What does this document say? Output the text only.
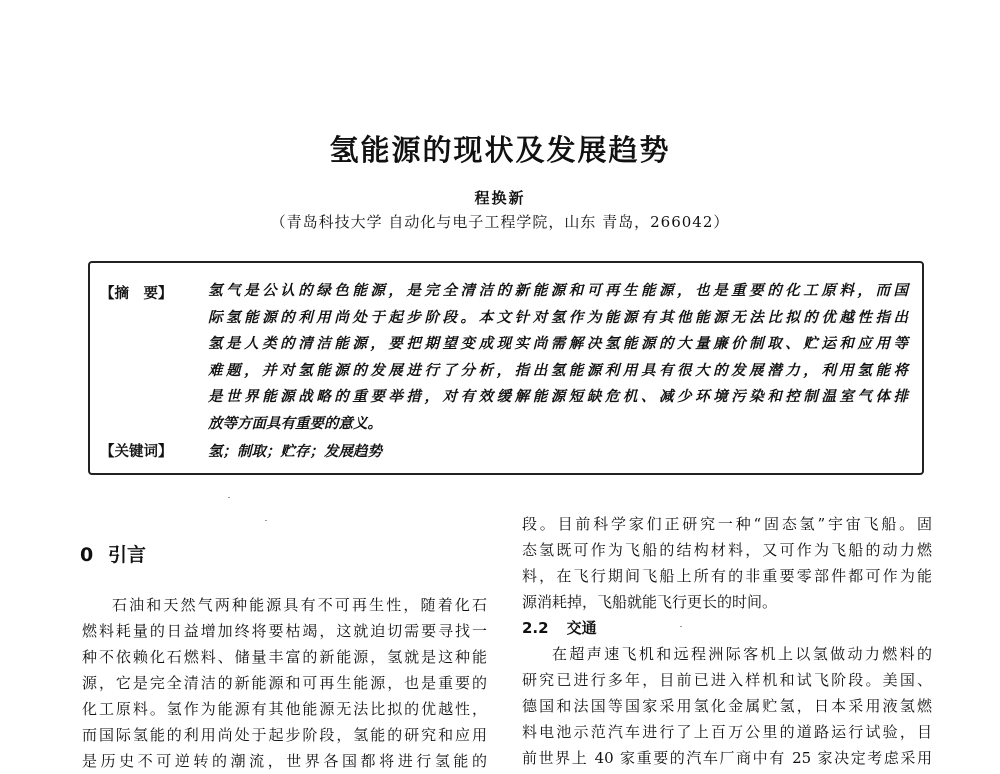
氢能源的现状及发展趋势
程换新
（青岛科技大学 自动化与电子工程学院，山东 青岛，266042）
【摘　要】 氢气是公认的绿色能源，是完全清洁的新能源和可再生能源，也是重要的化工原料，而国
际氢能源的利用尚处于起步阶段。本文针对氢作为能源有其他能源无法比拟的优越性指出
氢是人类的清洁能源，要把期望变成现实尚需解决氢能源的大量廉价制取、贮运和应用等
难题，并对氢能源的发展进行了分析，指出氢能源利用具有很大的发展潜力，利用氢能将
是世界能源战略的重要举措，对有效缓解能源短缺危机、减少环境污染和控制温室气体排
放等方面具有重要的意义。
【关键词】 氢；制取；贮存；发展趋势
0 引言
石油和天然气两种能源具有不可再生性，随着化石
燃料耗量的日益增加终将要枯竭，这就迫切需要寻找一
种不依赖化石燃料、储量丰富的新能源，氢就是这种能
源，它是完全清洁的新能源和可再生能源，也是重要的
化工原料。氢作为能源有其他能源无法比拟的优越性，
而国际氢能的利用尚处于起步阶段，氢能的研究和应用
是历史不可逆转的潮流，世界各国都将进行氢能的
段。目前科学家们正研究一种“固态氢”宇宙飞船。固
态氢既可作为飞船的结构材料，又可作为飞船的动力燃
料，在飞行期间飞船上所有的非重要零部件都可作为能
源消耗掉，飞船就能飞行更长的时间。
2.2 交通
在超声速飞机和远程洲际客机上以氢做动力燃料的
研究已进行多年，目前已进入样机和试飞阶段。美国、
德国和法国等国家采用氢化金属贮氢，日本采用液氢燃
料电池示范汽车进行了上百万公里的道路运行试验，目
前世界上 40 家重要的汽车厂商中有 25 家决定考虑采用
